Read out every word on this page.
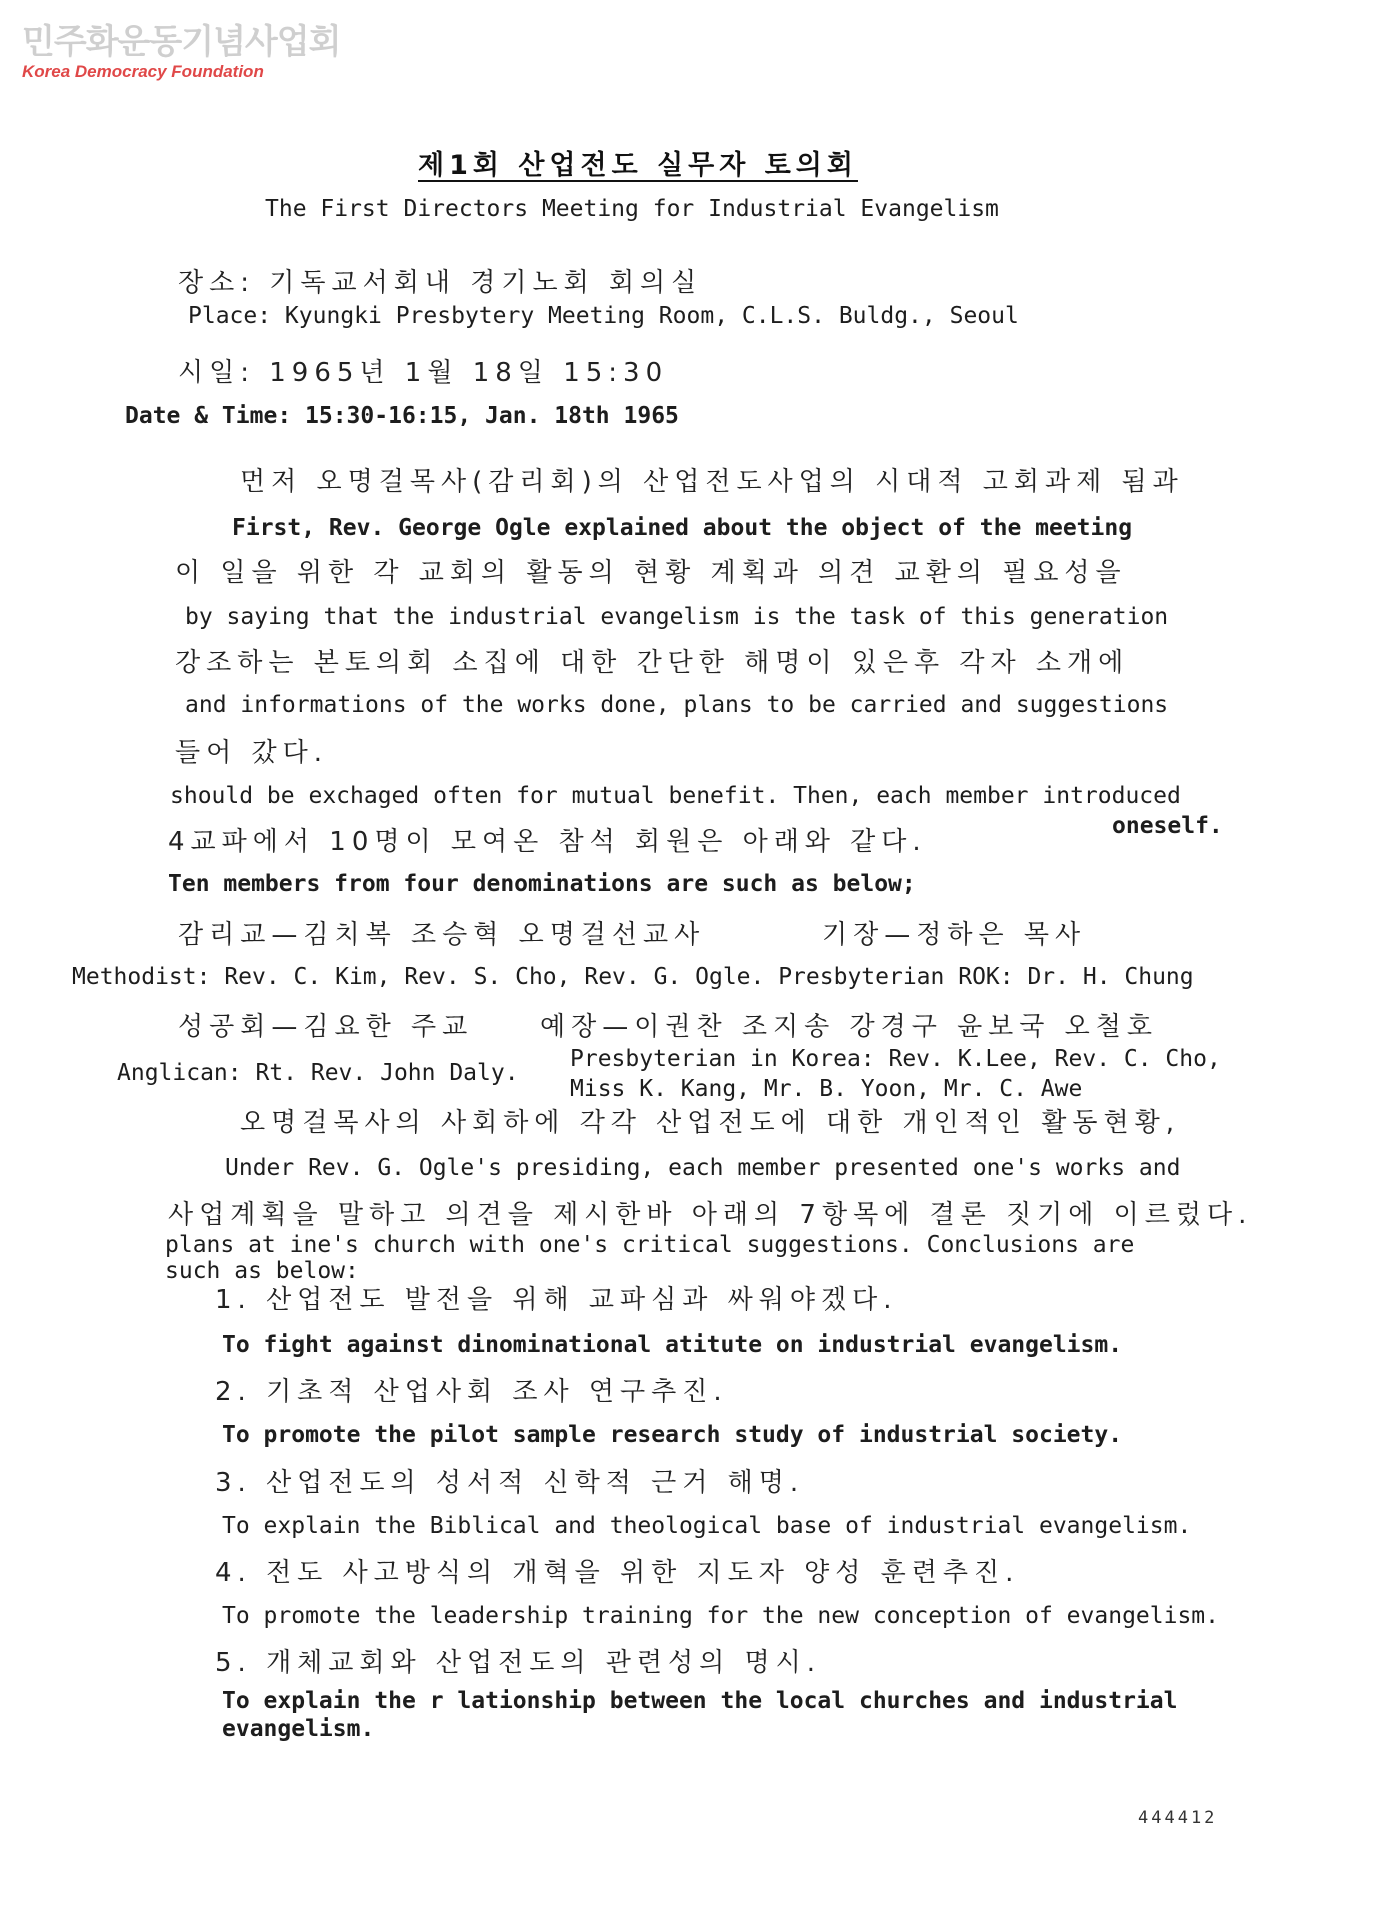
민주화운동기념사업회
Korea Democracy Foundation
제1회 산업전도 실무자 토의회
The First Directors Meeting for Industrial Evangelism
장소: 기독교서회내 경기노회 회의실
Place: Kyungki Presbytery Meeting Room, C.L.S. Buldg., Seoul
시일: 1965년 1월 18일 15:30
Date & Time: 15:30-16:15, Jan. 18th 1965
먼저 오명걸목사(감리회)의 산업전도사업의 시대적 고회과제 됨과
First, Rev. George Ogle explained about the object of the meeting
이 일을 위한 각 교회의 활동의 현황 계획과 의견 교환의 필요성을
by saying that the industrial evangelism is the task of this generation
강조하는 본토의회 소집에 대한 간단한 해명이 있은후 각자 소개에
and informations of the works done, plans to be carried and suggestions
들어 갔다.
should be exchaged often for mutual benefit. Then, each member introduced
oneself.
4교파에서 10명이 모여온 참석 회원은 아래와 같다.
Ten members from four denominations are such as below;
감리교—김치복 조승혁 오명걸선교사	기장—정하은 목사
Methodist: Rev. C. Kim, Rev. S. Cho, Rev. G. Ogle. Presbyterian ROK: Dr. H. Chung
성공회—김요한 주교	예장—이권찬 조지송 강경구 윤보국 오철호
Anglican: Rt. Rev. John Daly.
Presbyterian in Korea: Rev. K.Lee, Rev. C. Cho,
Miss K. Kang, Mr. B. Yoon, Mr. C. Awe
오명걸목사의 사회하에 각각 산업전도에 대한 개인적인 활동현황,
Under Rev. G. Ogle's presiding, each member presented one's works and
사업계획을 말하고 의견을 제시한바 아래의 7항목에 결론 짓기에 이르렀다.
plans at ine's church with one's critical suggestions. Conclusions are
such as below:
1. 산업전도 발전을 위해 교파심과 싸워야겠다.
To fight against dinominational atitute on industrial evangelism.
2. 기초적 산업사회 조사 연구추진.
To promote the pilot sample research study of industrial society.
3. 산업전도의 성서적 신학적 근거 해명.
To explain the Biblical and theological base of industrial evangelism.
4. 전도 사고방식의 개혁을 위한 지도자 양성 훈련추진.
To promote the leadership training for the new conception of evangelism.
5. 개체교회와 산업전도의 관련성의 명시.
To explain the r lationship between the local churches and industrial
evangelism.
444412
